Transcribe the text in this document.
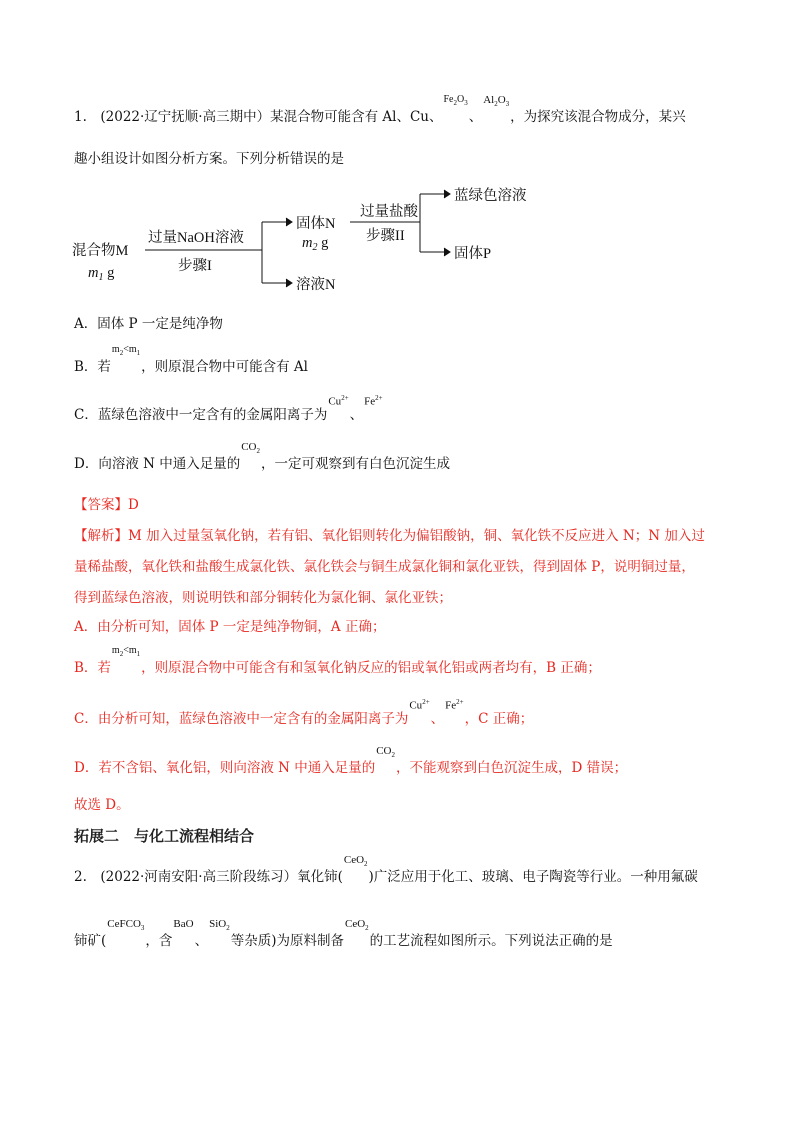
1.　(2022·辽宁抚顺·高三期中）某混合物可能含有 Al、Cu、$Fe_2O_3$、$Al_2O_3$，为探究该混合物成分，某兴
趣小组设计如图分析方案。下列分析错误的是
混合物M
$m_1$ g
过量NaOH溶液
步骤I
固体N
$m_2$ g
溶液N
过量盐酸
步骤II
蓝绿色溶液
固体P
A．固体 P 一定是纯净物
B．若$m_2<m_1$，则原混合物中可能含有 Al
C．蓝绿色溶液中一定含有的金属阳离子为$Cu^{2+}$、$Fe^{2+}$
D．向溶液 N 中通入足量的$CO_2$，一定可观察到有白色沉淀生成
【答案】D
【解析】M 加入过量氢氧化钠，若有铝、氧化铝则转化为偏铝酸钠，铜、氧化铁不反应进入 N；N 加入过
量稀盐酸，氧化铁和盐酸生成氯化铁、氯化铁会与铜生成氯化铜和氯化亚铁，得到固体 P，说明铜过量，
得到蓝绿色溶液，则说明铁和部分铜转化为氯化铜、氯化亚铁；
A．由分析可知，固体 P 一定是纯净物铜，A 正确；
B．若$m_2<m_1$，则原混合物中可能含有和氢氧化钠反应的铝或氧化铝或两者均有，B 正确；
C．由分析可知，蓝绿色溶液中一定含有的金属阳离子为$Cu^{2+}$、$Fe^{2+}$，C 正确；
D．若不含铝、氧化铝，则向溶液 N 中通入足量的$CO_2$，不能观察到白色沉淀生成，D 错误；
故选 D。
拓展二　与化工流程相结合
2.　(2022·河南安阳·高三阶段练习）氧化铈(CeO$_2$)广泛应用于化工、玻璃、电子陶瓷等行业。一种用氟碳
铈矿(CeFCO$_3$，含BaO、SiO$_2$等杂质)为原料制备CeO$_2$的工艺流程如图所示。下列说法正确的是
